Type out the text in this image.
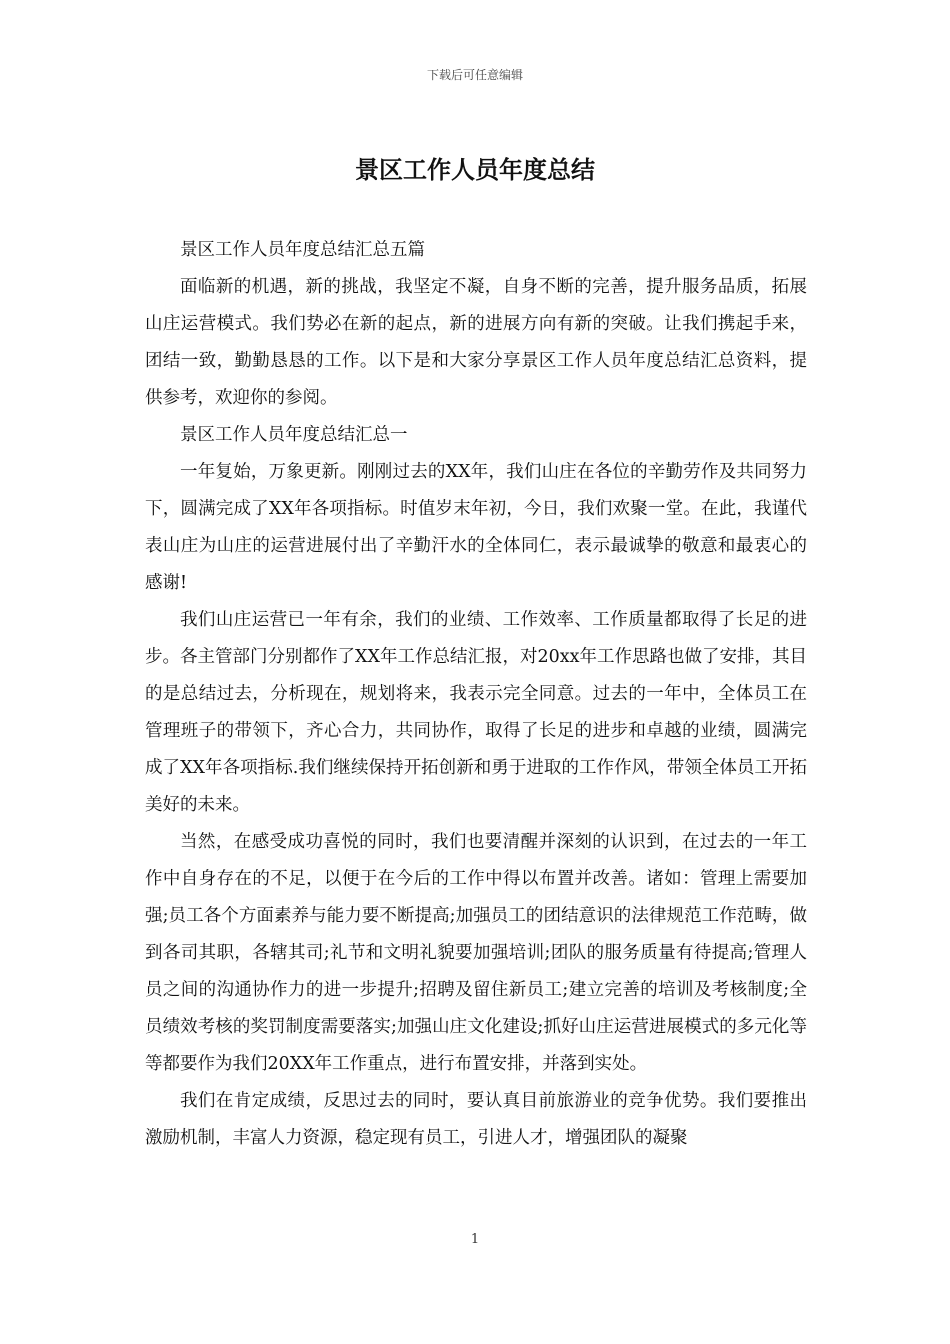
下载后可任意编辑
景区工作人员年度总结

景区工作人员年度总结汇总五篇

面临新的机遇，新的挑战，我坚定不凝，自身不断的完善，提升服务品质，拓展山庄运营模式。我们势必在新的起点，新的进展方向有新的突破。让我们携起手来，团结一致，勤勤恳恳的工作。以下是和大家分享景区工作人员年度总结汇总资料，提供参考，欢迎你的参阅。

景区工作人员年度总结汇总一

一年复始，万象更新。刚刚过去的XX年，我们山庄在各位的辛勤劳作及共同努力下，圆满完成了XX年各项指标。时值岁末年初，今日，我们欢聚一堂。在此，我谨代表山庄为山庄的运营进展付出了辛勤汗水的全体同仁，表示最诚挚的敬意和最衷心的感谢!

我们山庄运营已一年有余，我们的业绩、工作效率、工作质量都取得了长足的进步。各主管部门分别都作了XX年工作总结汇报，对20xx年工作思路也做了安排，其目的是总结过去，分析现在，规划将来，我表示完全同意。过去的一年中，全体员工在管理班子的带领下，齐心合力，共同协作，取得了长足的进步和卓越的业绩，圆满完成了XX年各项指标.我们继续保持开拓创新和勇于进取的工作作风，带领全体员工开拓美好的未来。

当然，在感受成功喜悦的同时，我们也要清醒并深刻的认识到，在过去的一年工作中自身存在的不足，以便于在今后的工作中得以布置并改善。诸如：管理上需要加强;员工各个方面素养与能力要不断提高;加强员工的团结意识的法律规范工作范畴，做到各司其职，各辖其司;礼节和文明礼貌要加强培训;团队的服务质量有待提高;管理人员之间的沟通协作力的进一步提升;招聘及留住新员工;建立完善的培训及考核制度;全员绩效考核的奖罚制度需要落实;加强山庄文化建设;抓好山庄运营进展模式的多元化等等都要作为我们20XX年工作重点，进行布置安排，并落到实处。

我们在肯定成绩，反思过去的同时，要认真目前旅游业的竞争优势。我们要推出激励机制，丰富人力资源，稳定现有员工，引进人才，增强团队的凝聚

1
